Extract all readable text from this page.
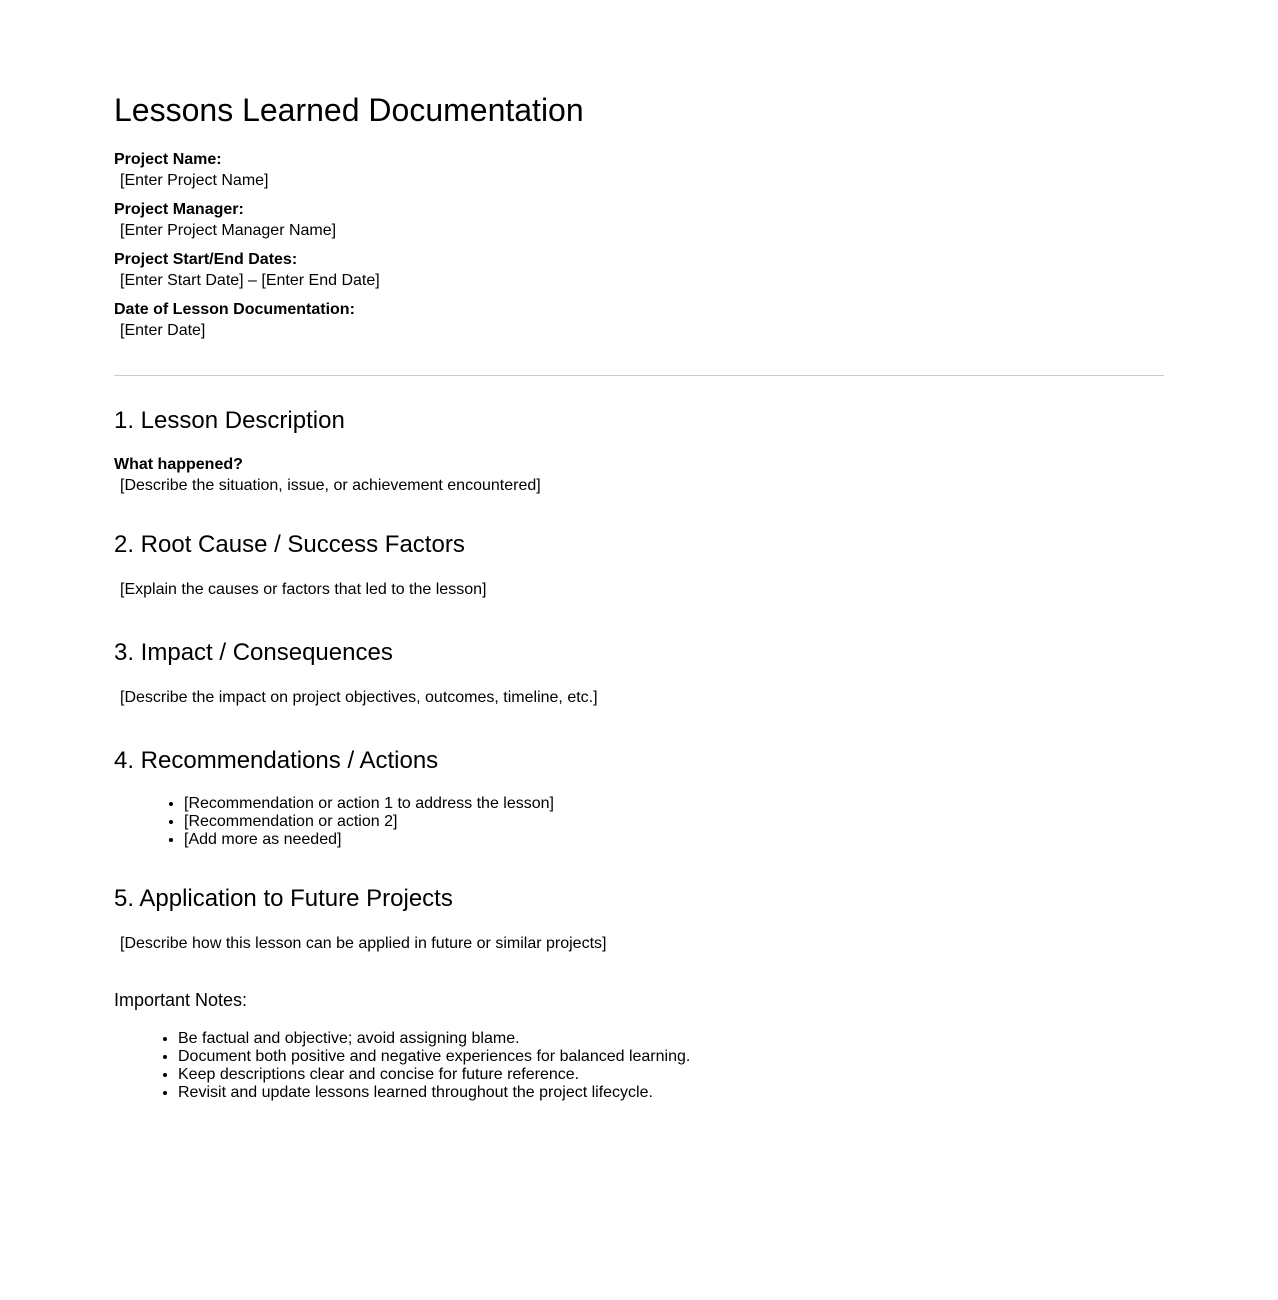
Lessons Learned Documentation
Project Name:
[Enter Project Name]
Project Manager:
[Enter Project Manager Name]
Project Start/End Dates:
[Enter Start Date] – [Enter End Date]
Date of Lesson Documentation:
[Enter Date]
1. Lesson Description
What happened?
[Describe the situation, issue, or achievement encountered]
2. Root Cause / Success Factors
[Explain the causes or factors that led to the lesson]
3. Impact / Consequences
[Describe the impact on project objectives, outcomes, timeline, etc.]
4. Recommendations / Actions
• [Recommendation or action 1 to address the lesson]
• [Recommendation or action 2]
• [Add more as needed]
5. Application to Future Projects
[Describe how this lesson can be applied in future or similar projects]
Important Notes:
• Be factual and objective; avoid assigning blame.
• Document both positive and negative experiences for balanced learning.
• Keep descriptions clear and concise for future reference.
• Revisit and update lessons learned throughout the project lifecycle.
